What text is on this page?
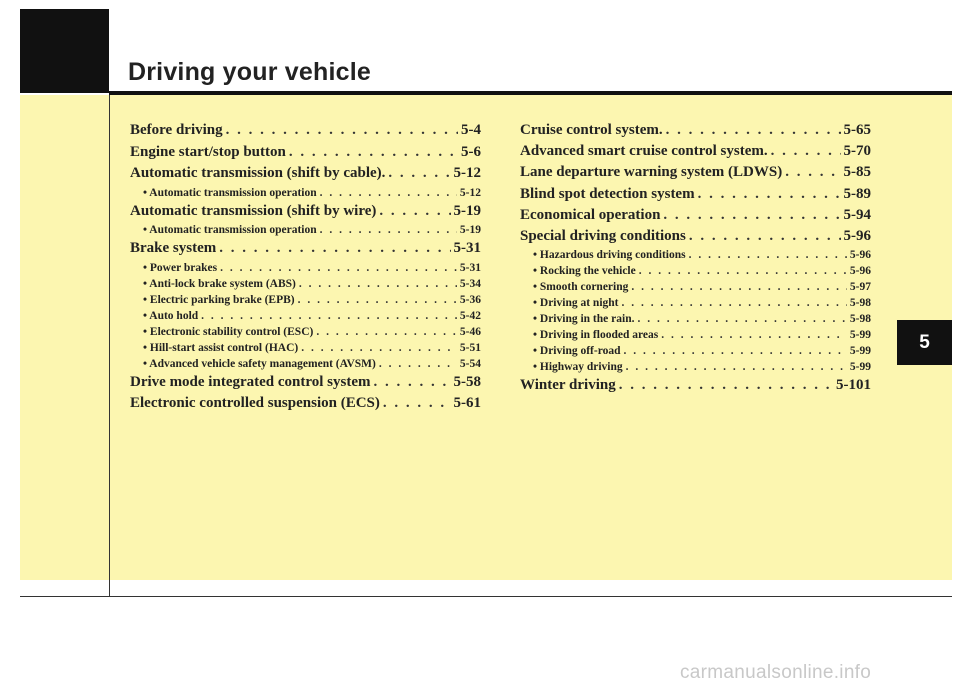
Driving your vehicle
Before driving . . .	5-4
Engine start/stop button . . .	5-6
Automatic transmission (shift by cable). . . .	5-12
• Automatic transmission operation . . .	5-12
Automatic transmission (shift by wire) . . .	5-19
• Automatic transmission operation . . .	5-19
Brake system . . .	5-31
• Power brakes . . .	5-31
• Anti-lock brake system (ABS) . . .	5-34
• Electric parking brake (EPB) . . .	5-36
• Auto hold . . .	5-42
• Electronic stability control (ESC) . . .	5-46
• Hill-start assist control (HAC) . . .	5-51
• Advanced vehicle safety management (AVSM) . . .	5-54
Drive mode integrated control system . . .	5-58
Electronic controlled suspension (ECS) . . .	5-61
Cruise control system. . . .	5-65
Advanced smart cruise control system. . . .	5-70
Lane departure warning system (LDWS) . . .	5-85
Blind spot detection system . . .	5-89
Economical operation . . .	5-94
Special driving conditions . . .	5-96
• Hazardous driving conditions . . .	5-96
• Rocking the vehicle . . .	5-96
• Smooth cornering . . .	5-97
• Driving at night . . .	5-98
• Driving in the rain. . . .	5-98
• Driving in flooded areas . . .	5-99
• Driving off-road . . .	5-99
• Highway driving . . .	5-99
Winter driving . . .	5-101
5
carmanualsonline.info
